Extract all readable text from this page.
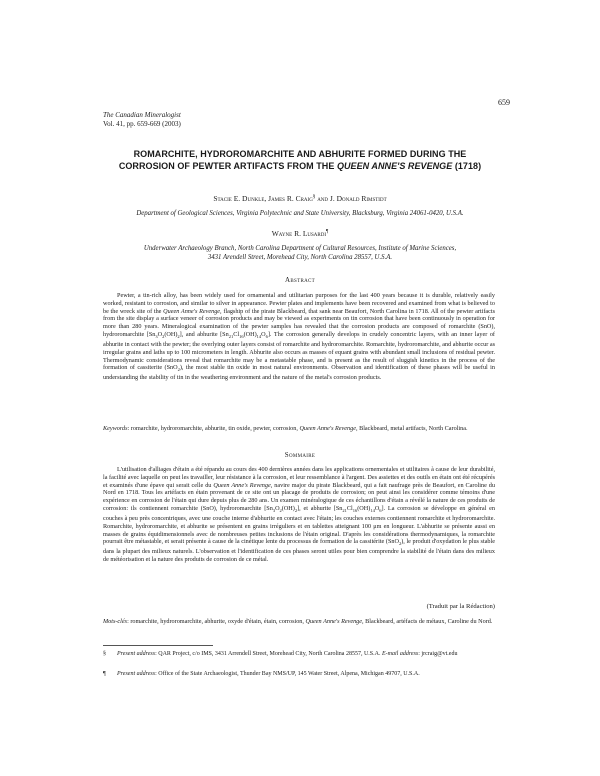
659
The Canadian Mineralogist
Vol. 41, pp. 659-669 (2003)
ROMARCHITE, HYDROROMARCHITE AND ABHURITE FORMED DURING THE
CORROSION OF PEWTER ARTIFACTS FROM THE QUEEN ANNE'S REVENGE (1718)
Stacie E. Dunkle, James R. Craig§ and J. Donald Rimstidt
Department of Geological Sciences, Virginia Polytechnic and State University, Blacksburg, Virginia 24061-0420, U.S.A.
Wayne R. Lusardi¶
Underwater Archaeology Branch, North Carolina Department of Cultural Resources, Institute of Marine Sciences,
3431 Arendell Street, Morehead City, North Carolina 28557, U.S.A.
Abstract

Pewter, a tin-rich alloy, has been widely used for ornamental and utilitarian purposes for the last 400 years because it is durable, relatively easily worked, resistant to corrosion, and similar to silver in appearance. Pewter plates and implements have been recovered and examined from what is believed to be the wreck site of the Queen Anne's Revenge, flagship of the pirate Blackbeard, that sank near Beaufort, North Carolina in 1718. All of the pewter artifacts from the site display a surface veneer of corrosion products and may be viewed as experiments on tin corrosion that have been continuously in operation for more than 280 years. Mineralogical examination of the pewter samples has revealed that the corrosion products are composed of romarchite (SnO), hydroromarchite $[Sn_3O_2(OH)_2]$, and abhurite $[Sn_{21}Cl_{16}(OH)_{14}O_6]$. The corrosion generally develops in crudely concentric layers, with an inner layer of abhurite in contact with the pewter; the overlying outer layers consist of romarchite and hydroromarchite. Romarchite, hydroromarchite, and abhurite occur as irregular grains and laths up to 100 micrometers in length. Abhurite also occurs as masses of equant grains with abundant small inclusions of residual pewter. Thermodynamic considerations reveal that romarchite may be a metastable phase, and is present as the result of sluggish kinetics in the process of the formation of cassiterite (SnO$_2$), the most stable tin oxide in most natural environments. Observation and identification of these phases will be useful in understanding the stability of tin in the weathering environment and the nature of the metal's corrosion products.

Keywords: romarchite, hydroromarchite, abhurite, tin oxide, pewter, corrosion, Queen Anne's Revenge, Blackbeard, metal artifacts, North Carolina.
Sommaire

L'utilisation d'alliages d'étain a été répandu au cours des 400 dernières années dans les applications ornementales et utilitaires à cause de leur durabilité, la facilité avec laquelle on peut les travailler, leur résistance à la corrosion, et leur ressemblance à l'argent. Des assiettes et des outils en étain ont été récupérés et examinés d'une épave qui serait celle du Queen Anne's Revenge, navire major du pirate Blackbeard, qui a fait naufrage près de Beaufort, en Caroline du Nord en 1718. Tous les artéfacts en étain provenant de ce site ont un placage de produits de corrosion; on peut ainsi les considérer comme témoins d'une expérience en corrosion de l'étain qui dure depuis plus de 280 ans. Un examen minéralogique de ces échantillons d'étain a révélé la nature de ces produits de corrosion: ils contiennent romarchite (SnO), hydroromarchite $[Sn_3O_2(OH)_2]$, et abhurite $[Sn_{21}Cl_{16}(OH)_{14}O_6]$. La corrosion se développe en général en couches à peu près concentriques, avec une couche interne d'abhurite en contact avec l'étain; les couches externes contiennent romarchite et hydroromarchite. Romarchite, hydroromarchite, et abhurite se présentent en grains irréguliers et en tablettes atteignant 100 μm en longueur. L'abhurite se présente aussi en masses de grains équidimensionnels avec de nombreuses petites inclusions de l'étain original. D'après les considérations thermodynamiques, la romarchite pourrait être métastable, et serait présente à cause de la cinétique lente du processus de formation de la cassitérite (SnO$_2$), le produit d'oxydation le plus stable dans la plupart des milieux naturels. L'observation et l'identification de ces phases seront utiles pour bien comprendre la stabilité de l'étain dans des milieux de météorisation et la nature des produits de corrosion de ce métal.

(Traduit par la Rédaction)
Mots-clés: romarchite, hydroromarchite, abhurite, oxyde d'étain, étain, corrosion, Queen Anne's Revenge, Blackbeard, artéfacts de métaux, Caroline du Nord.
§ Present address: QAR Project, c/o IMS, 3431 Arrendell Street, Morehead City, North Carolina 28557, U.S.A. E-mail address: jrcraig@vt.edu
¶ Present address: Office of the State Archaeologist, Thunder Bay NMS/UP, 145 Water Street, Alpena, Michigan 49707, U.S.A.
